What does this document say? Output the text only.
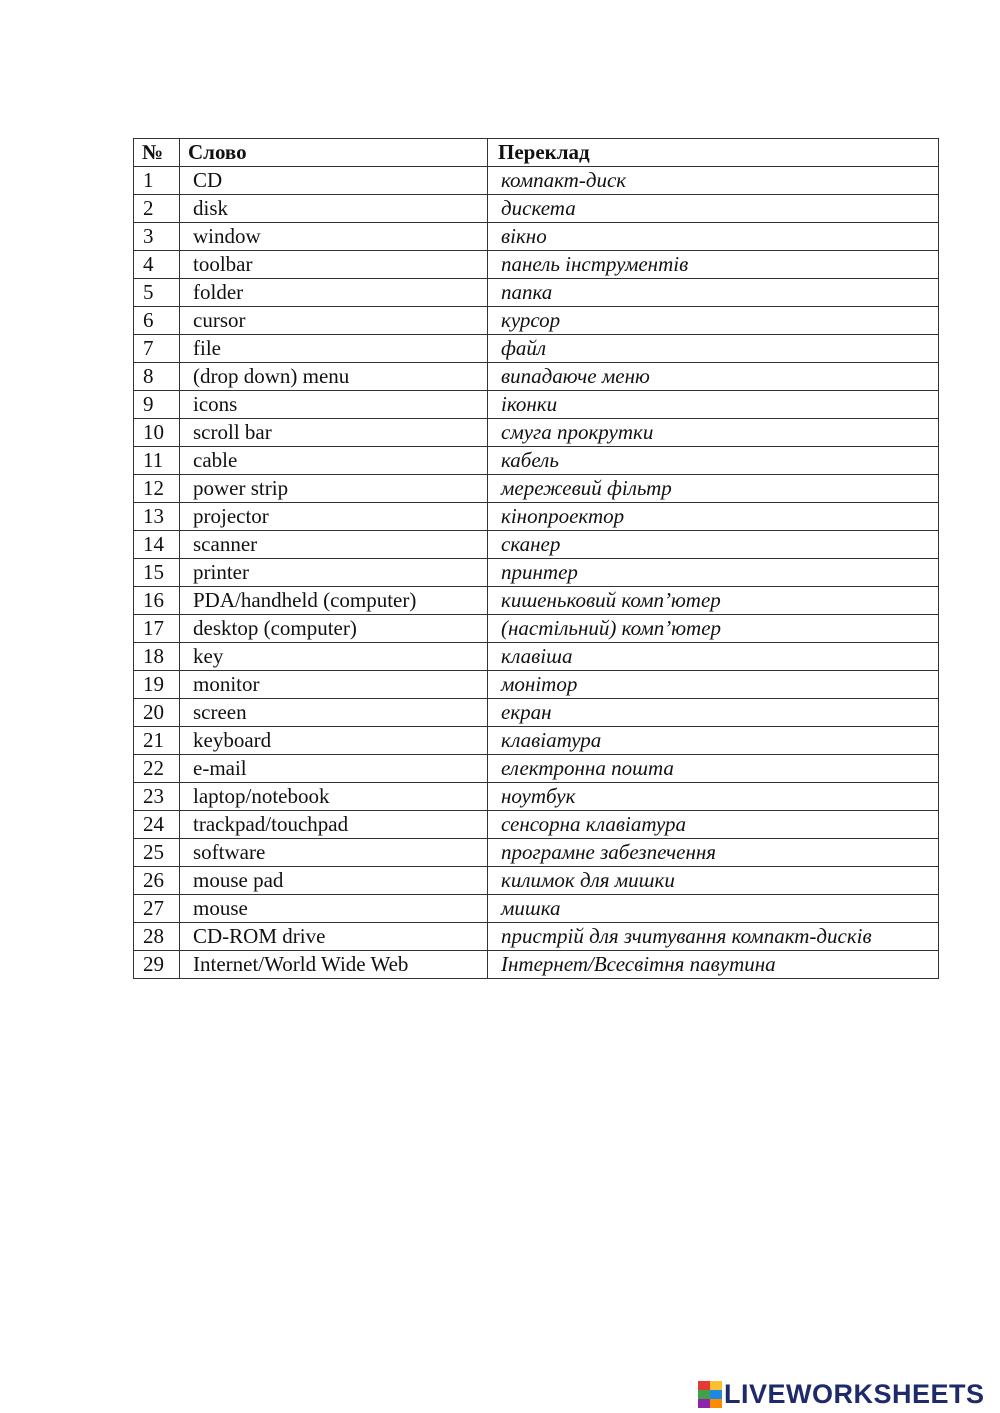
№	Слово	Переклад
1	CD	компакт-диск
2	disk	дискета
3	window	вікно
4	toolbar	панель інструментів
5	folder	папка
6	cursor	курсор
7	file	файл
8	(drop down) menu	випадаюче меню
9	icons	іконки
10	scroll bar	смуга прокрутки
11	cable	кабель
12	power strip	мережевий фільтр
13	projector	кінопроектор
14	scanner	сканер
15	printer	принтер
16	PDA/handheld (computer)	кишеньковий комп’ютер
17	desktop (computer)	(настільний) комп’ютер
18	key	клавіша
19	monitor	монітор
20	screen	екран
21	keyboard	клавіатура
22	e-mail	електронна пошта
23	laptop/notebook	ноутбук
24	trackpad/touchpad	сенсорна клавіатура
25	software	програмне забезпечення
26	mouse pad	килимок для мишки
27	mouse	мишка
28	CD-ROM drive	пристрій для зчитування компакт-дисків
29	Internet/World Wide Web	Інтернет/Всесвітня павутина
LIVEWORKSHEETS
